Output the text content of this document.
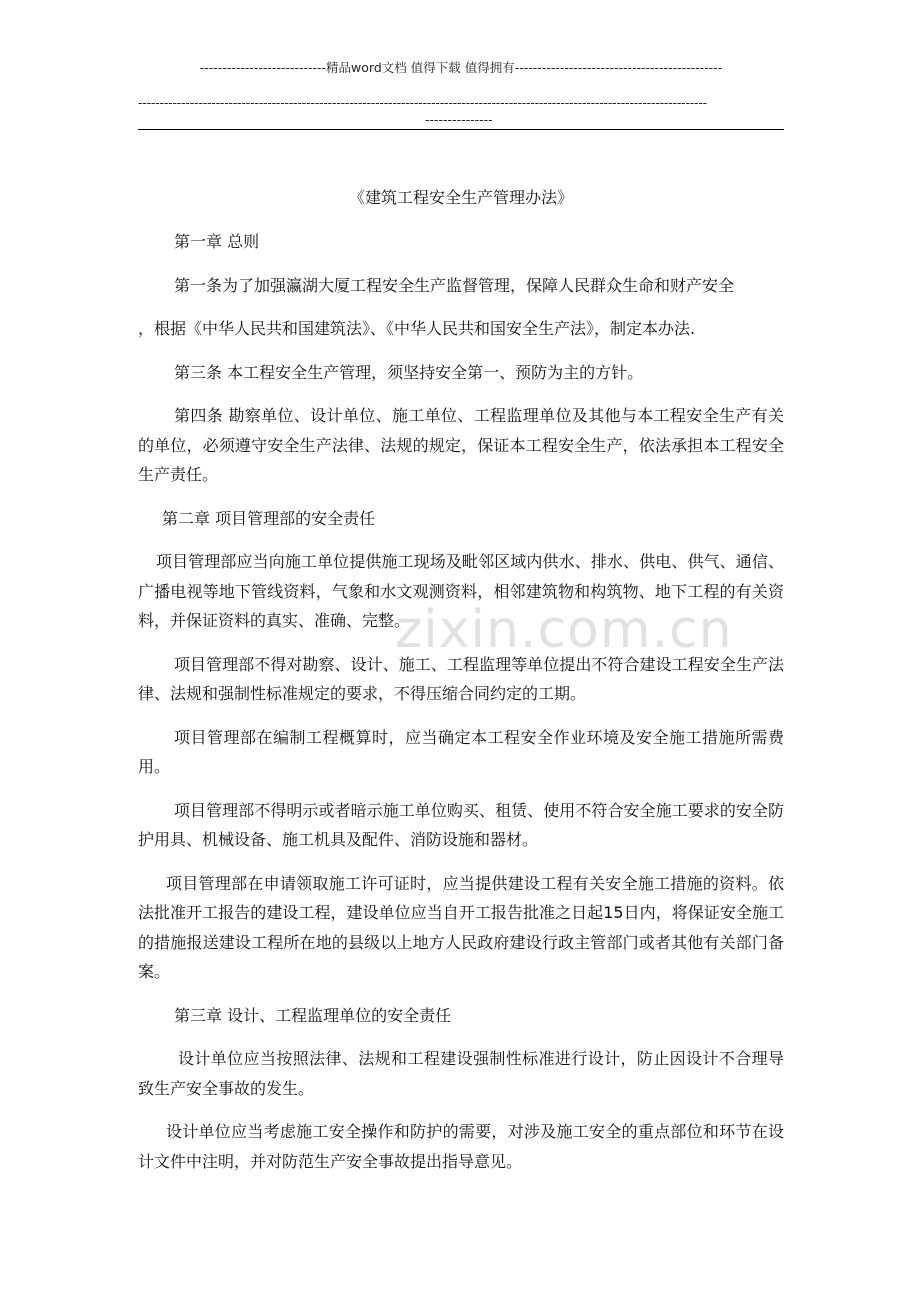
----------------------------精品word文档 值得下载 值得拥有----------------------------------------------
------------------------------------------------------------------------------------------------------------------------------------
---------------
zixin.com.cn
《建筑工程安全生产管理办法》

第一章 总则

第一条为了加强瀛湖大厦工程安全生产监督管理，保障人民群众生命和财产安全

，根据《中华人民共和国建筑法》、《中华人民共和国安全生产法》，制定本办法.

第三条 本工程安全生产管理，须坚持安全第一、预防为主的方针。

第四条 勘察单位、设计单位、施工单位、工程监理单位及其他与本工程安全生产有关的单位，必须遵守安全生产法律、法规的规定，保证本工程安全生产，依法承担本工程安全生产责任。

第二章 项目管理部的安全责任

项目管理部应当向施工单位提供施工现场及毗邻区域内供水、排水、供电、供气、通信、广播电视等地下管线资料，气象和水文观测资料，相邻建筑物和构筑物、地下工程的有关资料，并保证资料的真实、准确、完整。

项目管理部不得对勘察、设计、施工、工程监理等单位提出不符合建设工程安全生产法律、法规和强制性标准规定的要求，不得压缩合同约定的工期。

项目管理部在编制工程概算时，应当确定本工程安全作业环境及安全施工措施所需费用。

项目管理部不得明示或者暗示施工单位购买、租赁、使用不符合安全施工要求的安全防护用具、机械设备、施工机具及配件、消防设施和器材。

项目管理部在申请领取施工许可证时，应当提供建设工程有关安全施工措施的资料。依法批准开工报告的建设工程，建设单位应当自开工报告批准之日起15日内，将保证安全施工的措施报送建设工程所在地的县级以上地方人民政府建设行政主管部门或者其他有关部门备案。

第三章 设计、工程监理单位的安全责任

设计单位应当按照法律、法规和工程建设强制性标准进行设计，防止因设计不合理导致生产安全事故的发生。

设计单位应当考虑施工安全操作和防护的需要，对涉及施工安全的重点部位和环节在设计文件中注明，并对防范生产安全事故提出指导意见。
